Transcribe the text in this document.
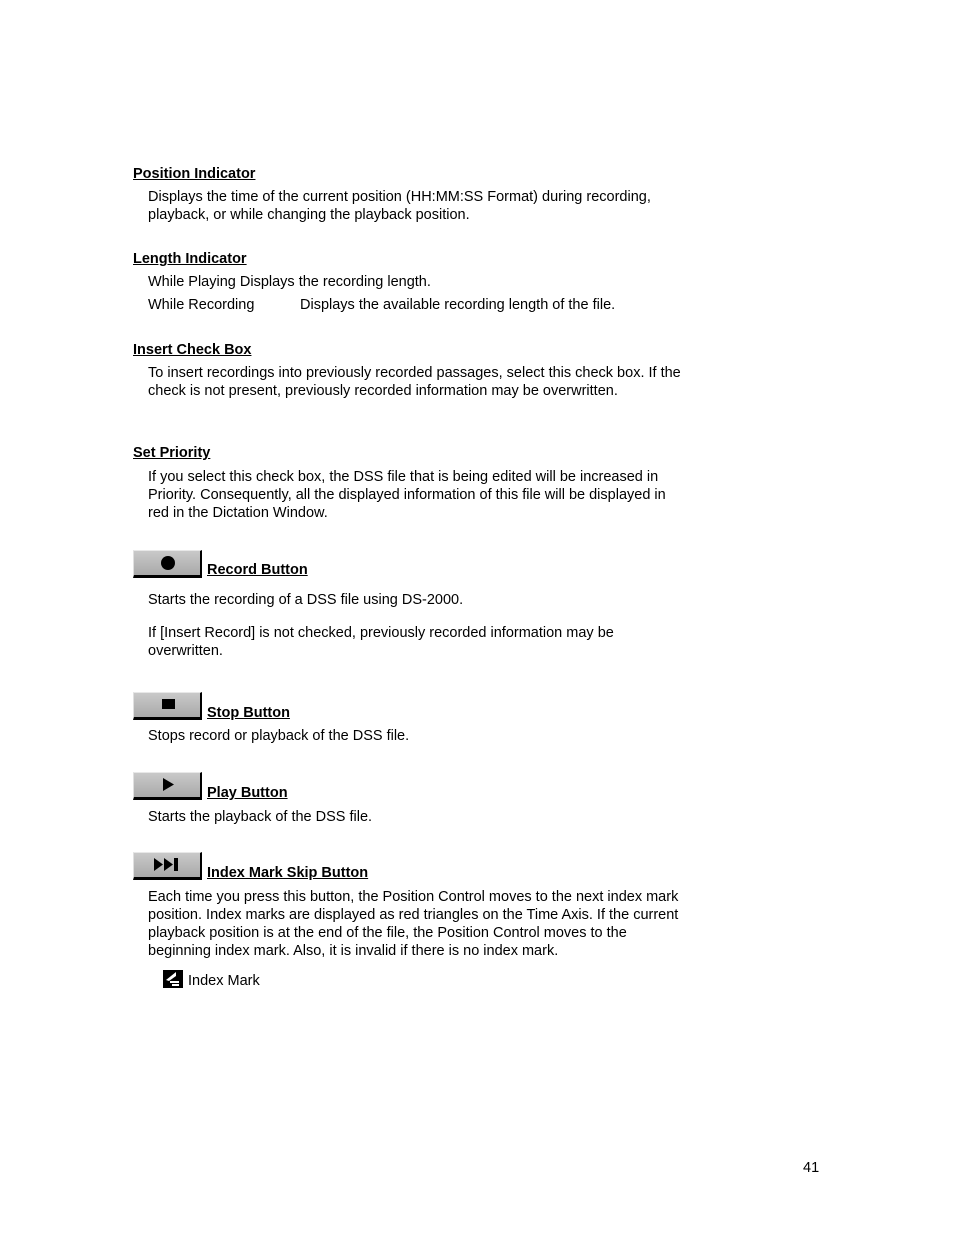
Position Indicator

Displays the time of the current position (HH:MM:SS Format) during recording, playback, or while changing the playback position.

Length Indicator
While Playing Displays the recording length.
While Recording	Displays the available recording length of the file.
Insert Check Box

To insert recordings into previously recorded passages, select this check box. If the check is not present, previously recorded information may be overwritten.

Set Priority

If you select this check box, the DSS file that is being edited will be increased in Priority. Consequently, all the displayed information of this file will be displayed in red in the Dictation Window.

Record Button

Starts the recording of a DSS file using DS-2000.

If [Insert Record] is not checked, previously recorded information may be overwritten.

Stop Button

Stops record or playback of the DSS file.

Play Button

Starts the playback of the DSS file.

Index Mark Skip Button

Each time you press this button, the Position Control moves to the next index mark position. Index marks are displayed as red triangles on the Time Axis. If the current playback position is at the end of the file, the Position Control moves to the beginning index mark. Also, it is invalid if there is no index mark.

Index Mark
41
